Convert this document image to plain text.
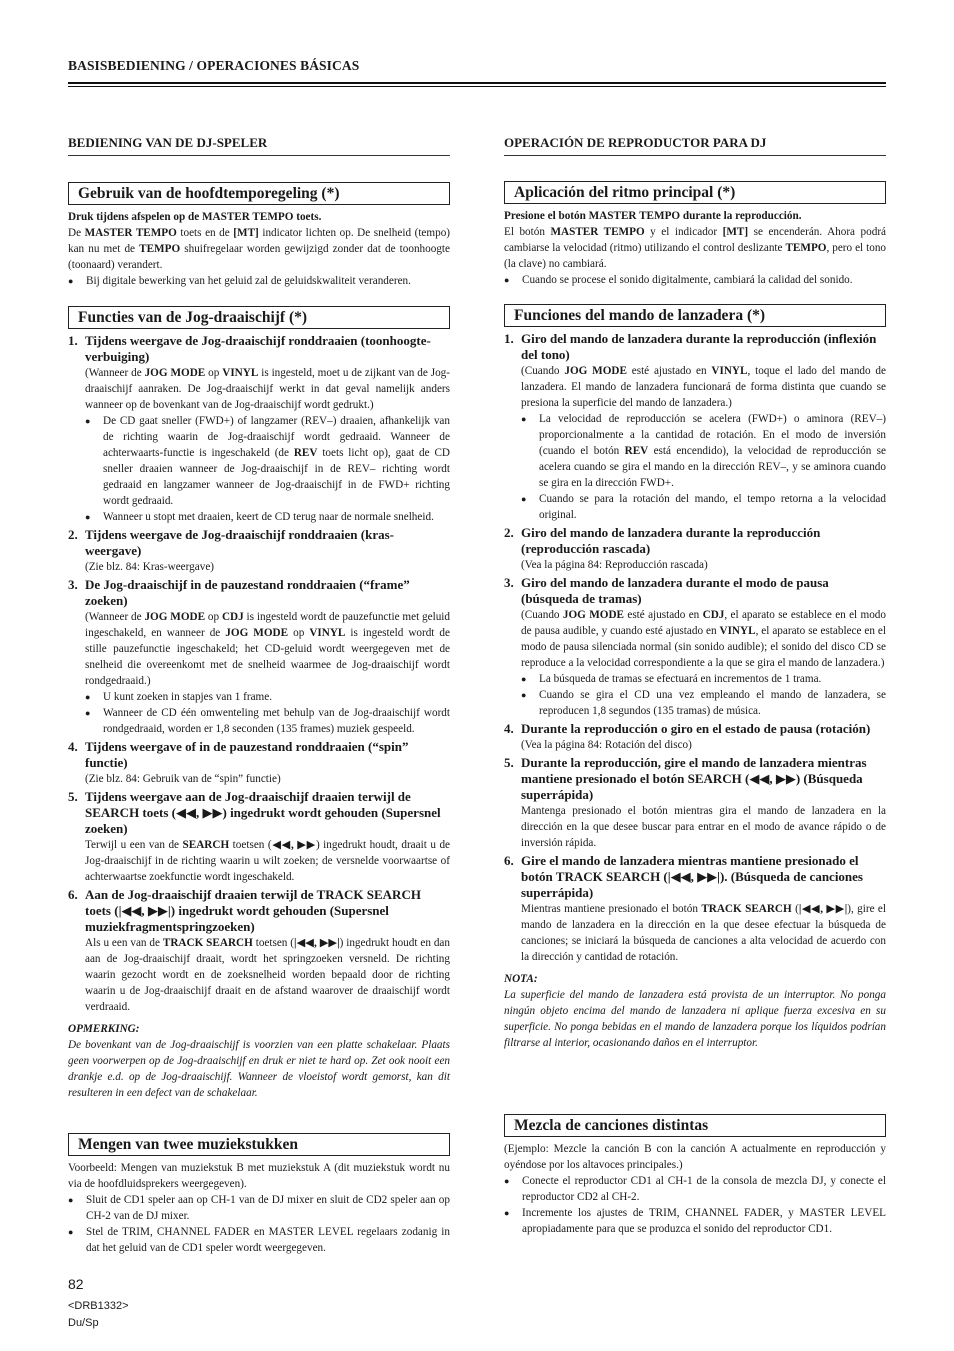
BASISBEDIENING / OPERACIONES BÁSICAS
BEDIENING VAN DE DJ-SPELER	OPERACIÓN DE REPRODUCTOR PARA DJ
Gebruik van de hoofdtemporegeling (*)
Druk tijdens afspelen op de MASTER TEMPO toets.
De MASTER TEMPO toets en de [MT] indicator lichten op. De snelheid (tempo) kan nu met de TEMPO shuifregelaar worden gewijzigd zonder dat de toonhoogte (toonaard) verandert.
● Bij digitale bewerking van het geluid zal de geluidskwaliteit veranderen.
Functies van de Jog-draaischijf (*)
1. Tijdens weergave de Jog-draaischijf ronddraaien (toonhoogte-verbuiging)
(Wanneer de JOG MODE op VINYL is ingesteld, moet u de zijkant van de Jog-draaischijf aanraken. De Jog-draaischijf werkt in dat geval namelijk anders wanneer op de bovenkant van de Jog-draaischijf wordt gedrukt.)
● De CD gaat sneller (FWD+) of langzamer (REV–) draaien, afhankelijk van de richting waarin de Jog-draaischijf wordt gedraaid. Wanneer de achterwaarts-functie is ingeschakeld (de REV toets licht op), gaat de CD sneller draaien wanneer de Jog-draaischijf in de REV– richting wordt gedraaid en langzamer wanneer de Jog-draaischijf in de FWD+ richting wordt gedraaid.
● Wanneer u stopt met draaien, keert de CD terug naar de normale snelheid.
2. Tijdens weergave de Jog-draaischijf ronddraaien (kras-weergave)
(Zie blz. 84: Kras-weergave)
3. De Jog-draaischijf in de pauzestand ronddraaien (“frame” zoeken)
(Wanneer de JOG MODE op CDJ is ingesteld wordt de pauzefunctie met geluid ingeschakeld, en wanneer de JOG MODE op VINYL is ingesteld wordt de stille pauzefunctie ingeschakeld; het CD-geluid wordt weergegeven met de snelheid die overeenkomt met de snelheid waarmee de Jog-draaischijf wordt rondgedraaid.)
● U kunt zoeken in stapjes van 1 frame.
● Wanneer de CD één omwenteling met behulp van de Jog-draaischijf wordt rondgedraaid, worden er 1,8 seconden (135 frames) muziek gespeeld.
4. Tijdens weergave of in de pauzestand ronddraaien (“spin” functie)
(Zie blz. 84: Gebruik van de “spin” functie)
5. Tijdens weergave aan de Jog-draaischijf draaien terwijl de SEARCH toets (◀◀, ▶▶) ingedrukt wordt gehouden (Supersnel zoeken)
Terwijl u een van de SEARCH toetsen (◀◀, ▶▶) ingedrukt houdt, draait u de Jog-draaischijf in de richting waarin u wilt zoeken; de versnelde voorwaartse of achterwaartse zoekfunctie wordt ingeschakeld.
6. Aan de Jog-draaischijf draaien terwijl de TRACK SEARCH toets (|◀◀, ▶▶|) ingedrukt wordt gehouden (Supersnel muziekfragmentspringzoeken)
Als u een van de TRACK SEARCH toetsen (|◀◀, ▶▶|) ingedrukt houdt en dan aan de Jog-draaischijf draait, wordt het springzoeken versneld. De richting waarin gezocht wordt en de zoeksnelheid worden bepaald door de richting waarin u de Jog-draaischijf draait en de afstand waarover de draaischijf wordt verdraaid.
OPMERKING:
De bovenkant van de Jog-draaischijf is voorzien van een platte schakelaar. Plaats geen voorwerpen op de Jog-draaischijf en druk er niet te hard op. Zet ook nooit een drankje e.d. op de Jog-draaischijf. Wanneer de vloeistof wordt gemorst, kan dit resulteren in een defect van de schakelaar.
Mengen van twee muziekstukken
Voorbeeld: Mengen van muziekstuk B met muziekstuk A (dit muziekstuk wordt nu via de hoofdluidsprekers weergegeven).
● Sluit de CD1 speler aan op CH-1 van de DJ mixer en sluit de CD2 speler aan op CH-2 van de DJ mixer.
● Stel de TRIM, CHANNEL FADER en MASTER LEVEL regelaars zodanig in dat het geluid van de CD1 speler wordt weergegeven.
Aplicación del ritmo principal (*)
Presione el botón MASTER TEMPO durante la reproducción.
El botón MASTER TEMPO y el indicador [MT] se encenderán. Ahora podrá cambiarse la velocidad (ritmo) utilizando el control deslizante TEMPO, pero el tono (la clave) no cambiará.
● Cuando se procese el sonido digitalmente, cambiará la calidad del sonido.
Funciones del mando de lanzadera (*)
1. Giro del mando de lanzadera durante la reproducción (inflexión del tono)
(Cuando JOG MODE esté ajustado en VINYL, toque el lado del mando de lanzadera. El mando de lanzadera funcionará de forma distinta que cuando se presiona la superficie del mando de lanzadera.)
● La velocidad de reproducción se acelera (FWD+) o aminora (REV–) proporcionalmente a la cantidad de rotación. En el modo de inversión (cuando el botón REV está encendido), la velocidad de reproducción se acelera cuando se gira el mando en la dirección REV–, y se aminora cuando se gira en la dirección FWD+.
● Cuando se para la rotación del mando, el tempo retorna a la velocidad original.
2. Giro del mando de lanzadera durante la reproducción (reproducción rascada)
(Vea la página 84: Reproducción rascada)
3. Giro del mando de lanzadera durante el modo de pausa (búsqueda de tramas)
(Cuando JOG MODE esté ajustado en CDJ, el aparato se establece en el modo de pausa audible, y cuando esté ajustado en VINYL, el aparato se establece en el modo de pausa silenciada normal (sin sonido audible); el sonido del disco CD se reproduce a la velocidad correspondiente a la que se gira el mando de lanzadera.)
● La búsqueda de tramas se efectuará en incrementos de 1 trama.
● Cuando se gira el CD una vez empleando el mando de lanzadera, se reproducen 1,8 segundos (135 tramas) de música.
4. Durante la reproducción o giro en el estado de pausa (rotación)
(Vea la página 84: Rotación del disco)
5. Durante la reproducción, gire el mando de lanzadera mientras mantiene presionado el botón SEARCH (◀◀, ▶▶) (Búsqueda superrápida)
Mantenga presionado el botón mientras gira el mando de lanzadera en la dirección en la que desee buscar para entrar en el modo de avance rápido o de inversión rápida.
6. Gire el mando de lanzadera mientras mantiene presionado el botón TRACK SEARCH (|◀◀, ▶▶|). (Búsqueda de canciones superrápida)
Mientras mantiene presionado el botón TRACK SEARCH (|◀◀, ▶▶|), gire el mando de lanzadera en la dirección en la que desee efectuar la búsqueda de canciones; se iniciará la búsqueda de canciones a alta velocidad de acuerdo con la dirección y cantidad de rotación.
NOTA:
La superficie del mando de lanzadera está provista de un interruptor. No ponga ningún objeto encima del mando de lanzadera ni aplique fuerza excesiva en su superficie. No ponga bebidas en el mando de lanzadera porque los líquidos podrían filtrarse al interior, ocasionando daños en el interruptor.
Mezcla de canciones distintas
(Ejemplo: Mezcle la canción B con la canción A actualmente en reproducción y oyéndose por los altavoces principales.)
● Conecte el reproductor CD1 al CH-1 de la consola de mezcla DJ, y conecte el reproductor CD2 al CH-2.
● Incremente los ajustes de TRIM, CHANNEL FADER, y MASTER LEVEL apropiadamente para que se produzca el sonido del reproductor CD1.
82
<DRB1332>
Du/Sp
